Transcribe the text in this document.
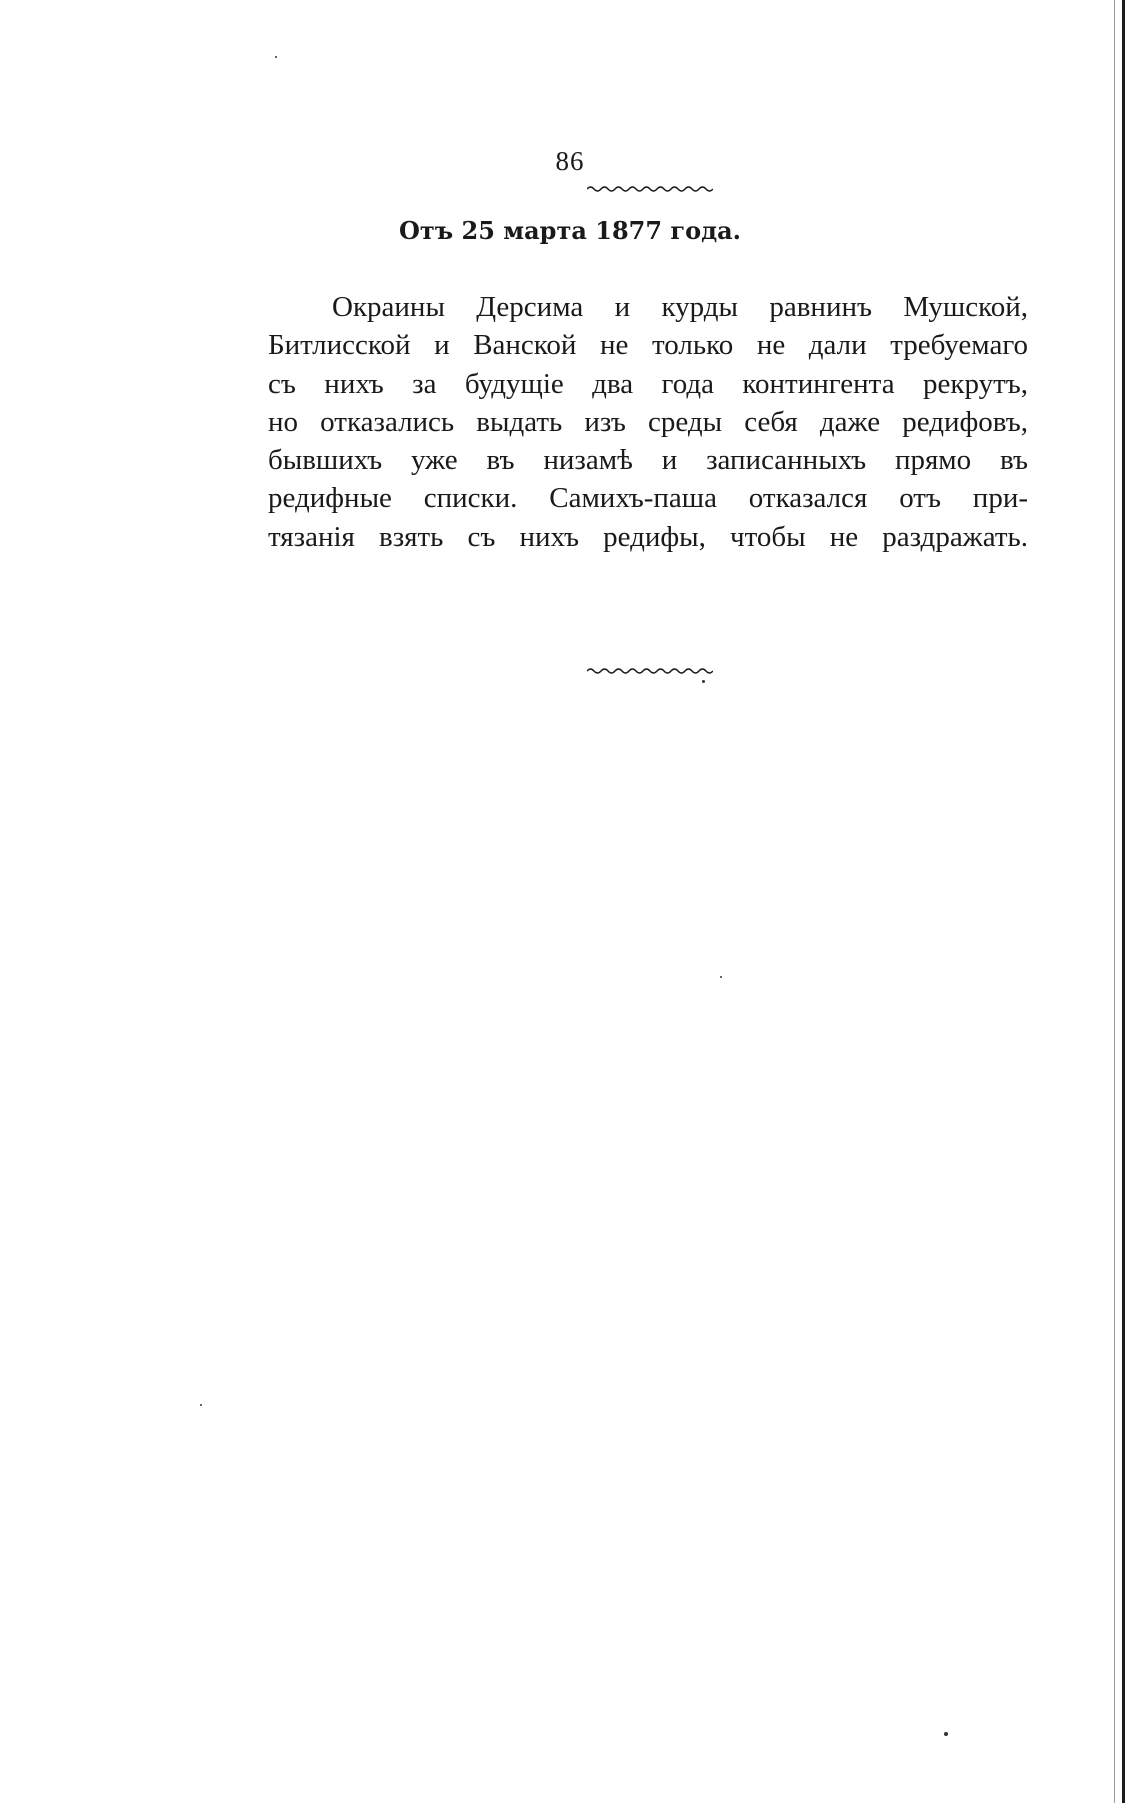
86
Отъ 25 марта 1877 года.
Окраины Дерсима и курды равнинъ Мушской,
Битлисской и Ванской не только не дали требуемаго
съ нихъ за будущіе два года контингента рекрутъ,
но отказались выдать изъ среды себя даже редифовъ,
бывшихъ уже въ низамѣ и записанныхъ прямо въ
редифные списки. Самихъ-паша отказался отъ при-
тязанія взять съ нихъ редифы, чтобы не раздражать.
